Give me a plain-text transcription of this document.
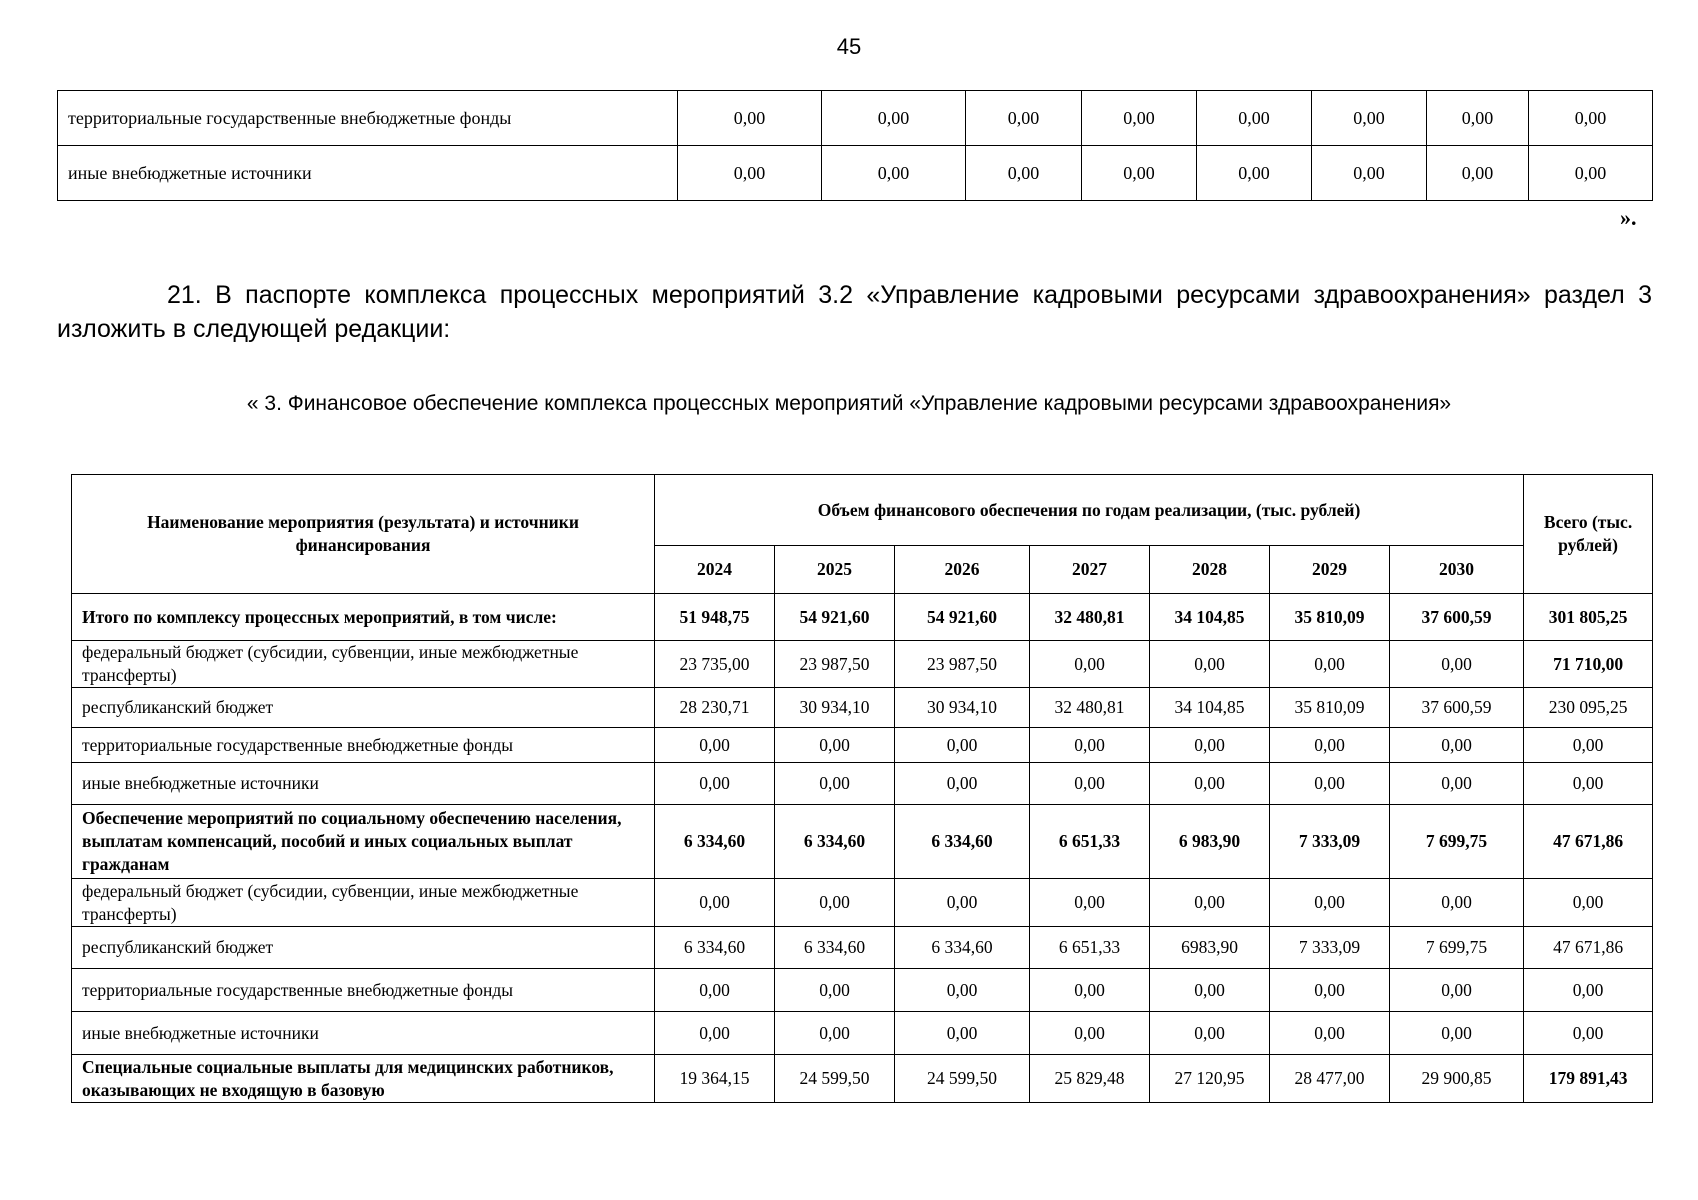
45
территориальные государственные внебюджетные фонды	0,00	0,00	0,00	0,00	0,00	0,00	0,00	0,00
иные внебюджетные источники	0,00	0,00	0,00	0,00	0,00	0,00	0,00	0,00
».
21. В паспорте комплекса процессных мероприятий 3.2 «Управление кадровыми ресурсами здравоохранения» раздел 3 изложить в следующей редакции:
« 3. Финансовое обеспечение комплекса процессных мероприятий «Управление кадровыми ресурсами здравоохранения»
Наименование мероприятия (результата) и источники финансирования	Объем финансового обеспечения по годам реализации, (тыс. рублей)							Всего (тыс. рублей)
	2024	2025	2026	2027	2028	2029	2030	
Итого по комплексу процессных мероприятий, в том числе:	51 948,75	54 921,60	54 921,60	32 480,81	34 104,85	35 810,09	37 600,59	301 805,25
федеральный бюджет (субсидии, субвенции, иные межбюджетные трансферты)	23 735,00	23 987,50	23 987,50	0,00	0,00	0,00	0,00	71 710,00
республиканский бюджет	28 230,71	30 934,10	30 934,10	32 480,81	34 104,85	35 810,09	37 600,59	230 095,25
территориальные государственные внебюджетные фонды	0,00	0,00	0,00	0,00	0,00	0,00	0,00	0,00
иные внебюджетные источники	0,00	0,00	0,00	0,00	0,00	0,00	0,00	0,00
Обеспечение мероприятий по социальному обеспечению населения, выплатам компенсаций, пособий и иных социальных выплат гражданам	6 334,60	6 334,60	6 334,60	6 651,33	6 983,90	7 333,09	7 699,75	47 671,86
федеральный бюджет (субсидии, субвенции, иные межбюджетные трансферты)	0,00	0,00	0,00	0,00	0,00	0,00	0,00	0,00
республиканский бюджет	6 334,60	6 334,60	6 334,60	6 651,33	6983,90	7 333,09	7 699,75	47 671,86
территориальные государственные внебюджетные фонды	0,00	0,00	0,00	0,00	0,00	0,00	0,00	0,00
иные внебюджетные источники	0,00	0,00	0,00	0,00	0,00	0,00	0,00	0,00
Специальные социальные выплаты для медицинских работников, оказывающих не входящую в базовую	19 364,15	24 599,50	24 599,50	25 829,48	27 120,95	28 477,00	29 900,85	179 891,43
